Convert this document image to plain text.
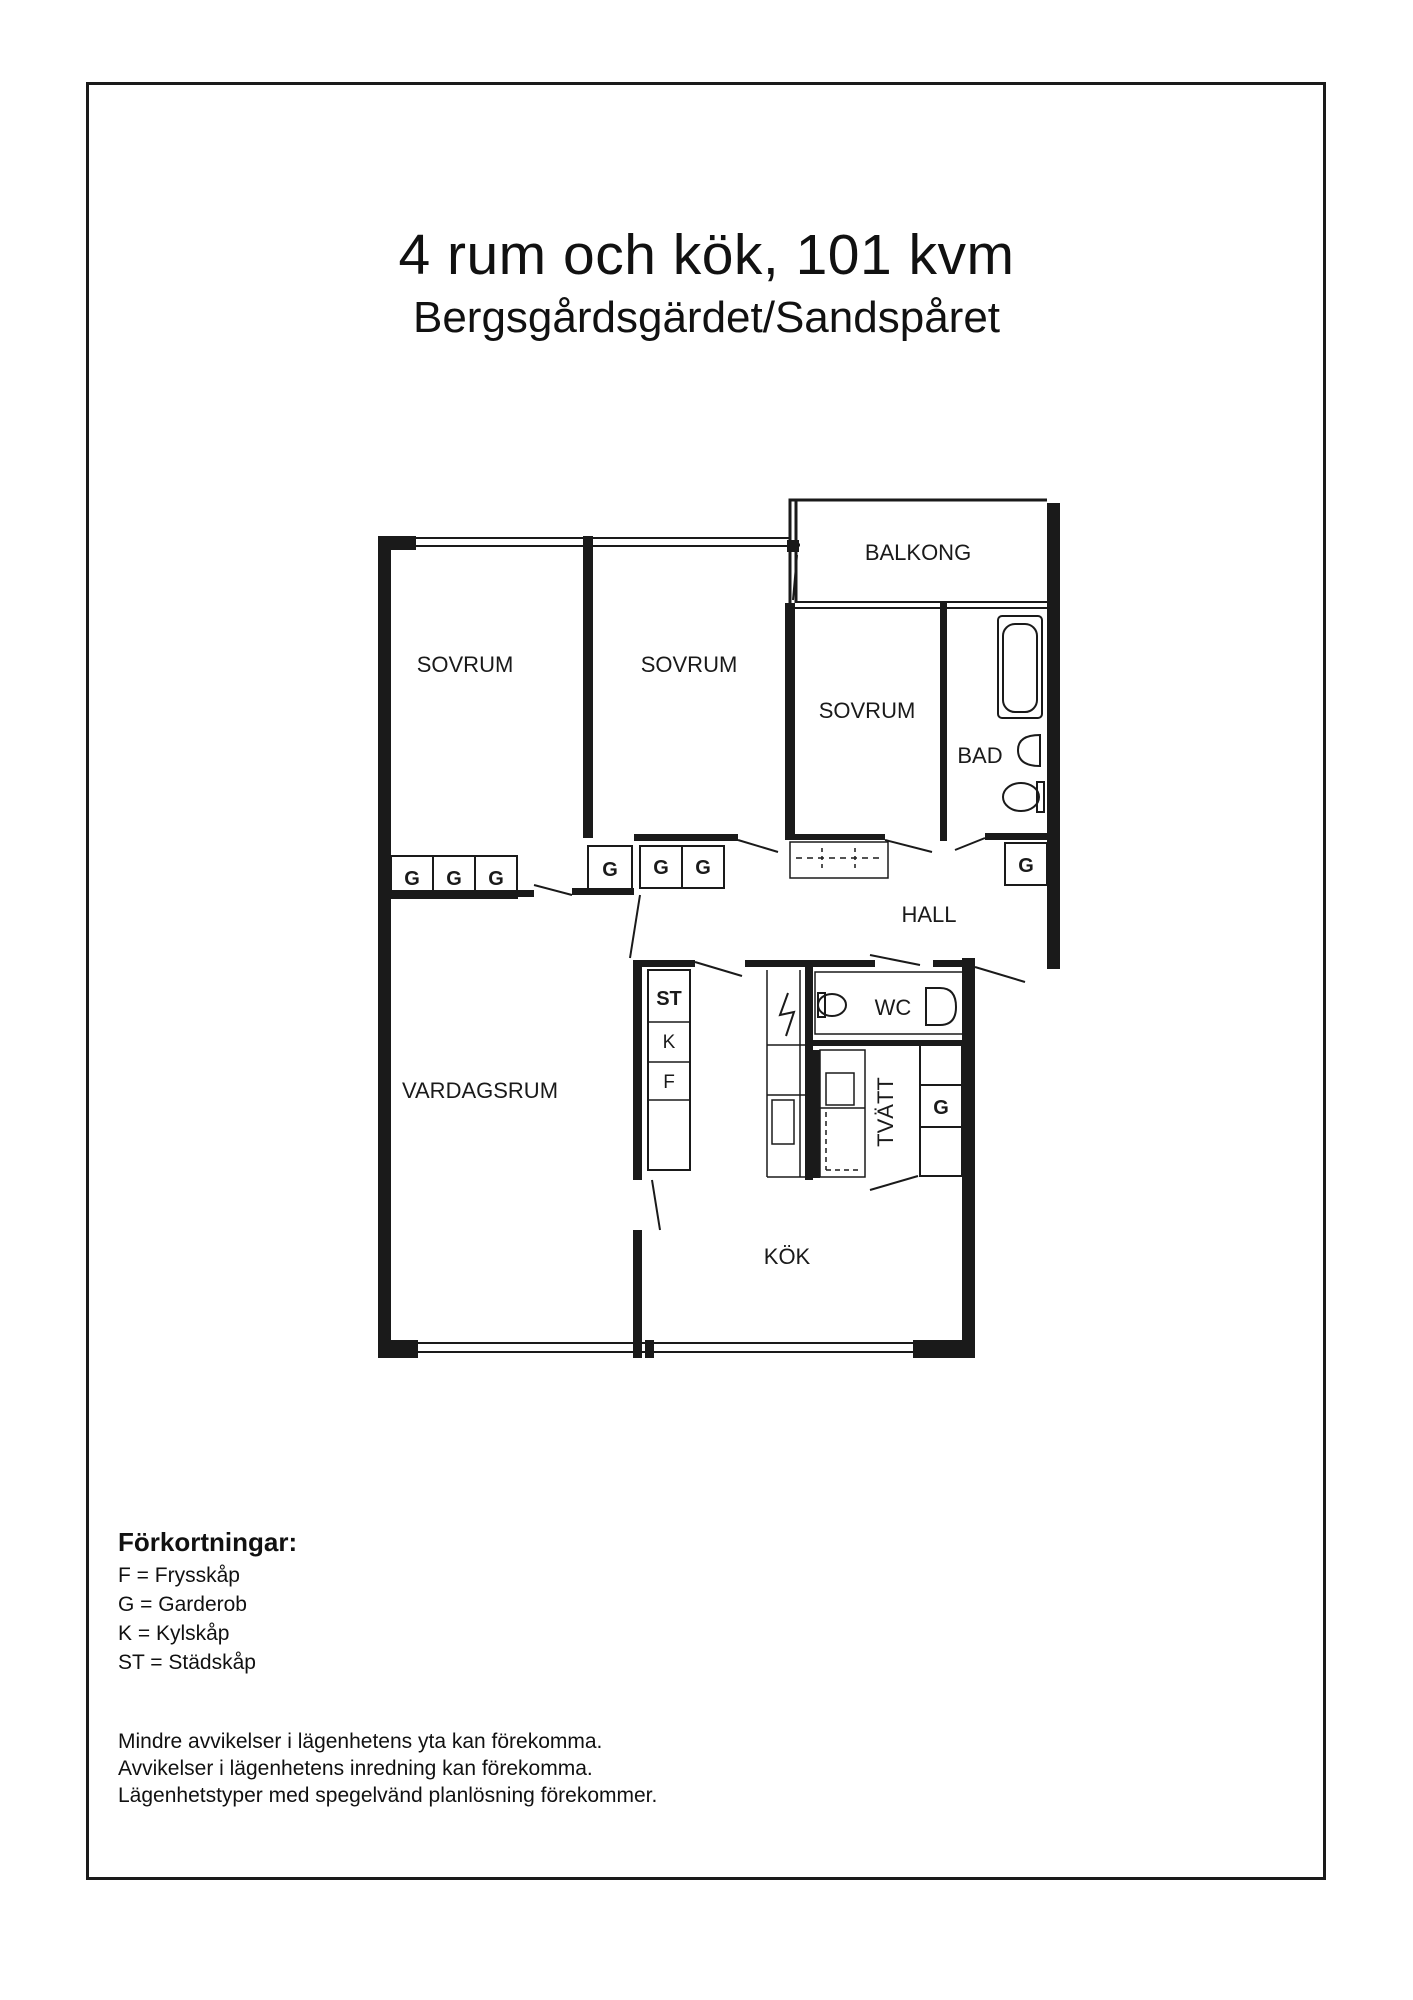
4 rum och kök, 101 kvm
Bergsgårdsgärdet/Sandspåret
G G G	G G G	G
G
ST
K
F
SOVRUM	SOVRUM
SOVRUM
BALKONG
BAD
HALL
VARDAGSRUM
KÖK
WC
TVÄTT
Förkortningar:
F = Frysskåp
G = Garderob
K = Kylskåp
ST = Städskåp

Mindre avvikelser i lägenhetens yta kan förekomma.

Avvikelser i lägenhetens inredning kan förekomma.

Lägenhetstyper med spegelvänd planlösning förekommer.
